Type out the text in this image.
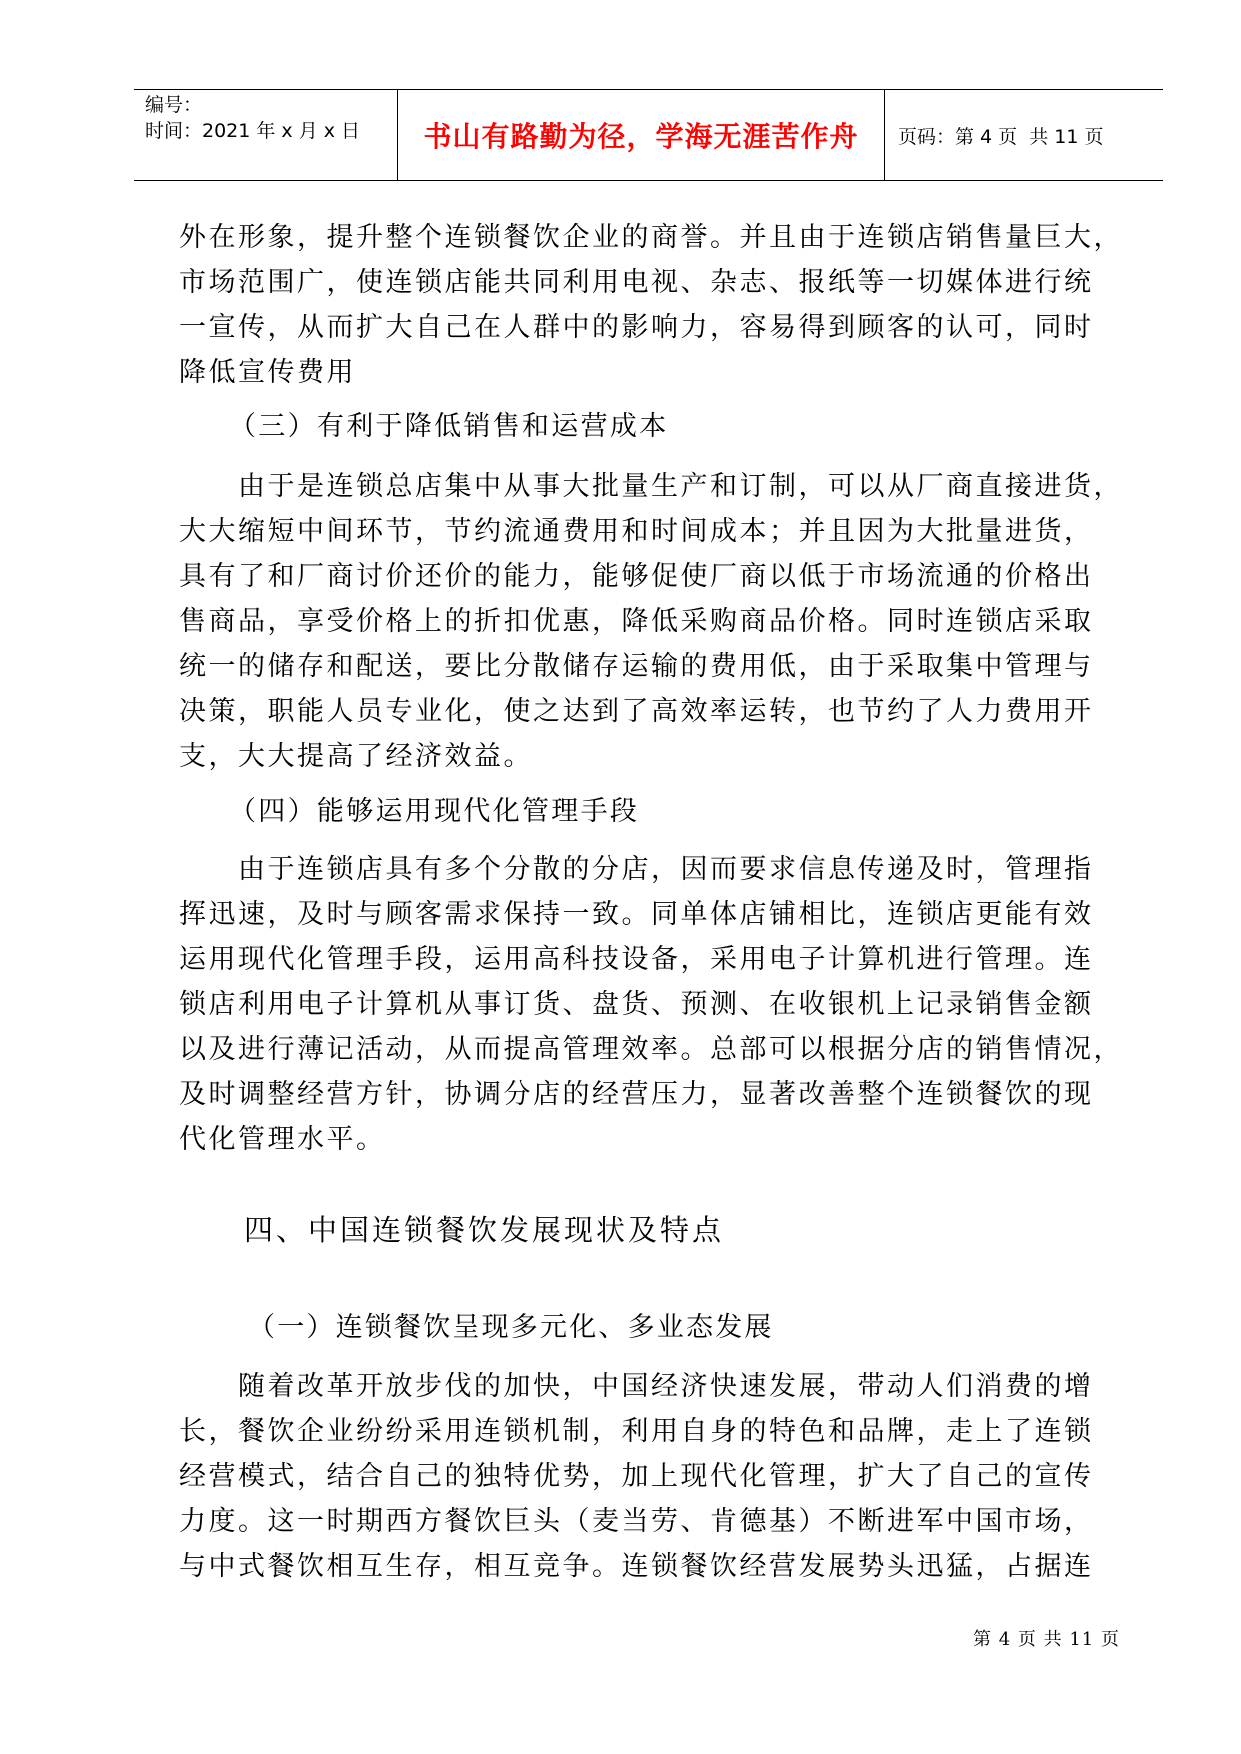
编号：
时间：2021 年 x 月 x 日 书山有路勤为径，学海无涯苦作舟 页码：第 4 页  共 11 页
外在形象，提升整个连锁餐饮企业的商誉。并且由于连锁店销售量巨大，
市场范围广，使连锁店能共同利用电视、杂志、报纸等一切媒体进行统
一宣传，从而扩大自己在人群中的影响力，容易得到顾客的认可，同时
降低宣传费用
（三）有利于降低销售和运营成本
由于是连锁总店集中从事大批量生产和订制，可以从厂商直接进货，
大大缩短中间环节，节约流通费用和时间成本；并且因为大批量进货，
具有了和厂商讨价还价的能力，能够促使厂商以低于市场流通的价格出
售商品，享受价格上的折扣优惠，降低采购商品价格。同时连锁店采取
统一的储存和配送，要比分散储存运输的费用低，由于采取集中管理与
决策，职能人员专业化，使之达到了高效率运转，也节约了人力费用开
支，大大提高了经济效益。
（四）能够运用现代化管理手段
由于连锁店具有多个分散的分店，因而要求信息传递及时，管理指
挥迅速，及时与顾客需求保持一致。同单体店铺相比，连锁店更能有效
运用现代化管理手段，运用高科技设备，采用电子计算机进行管理。连
锁店利用电子计算机从事订货、盘货、预测、在收银机上记录销售金额
以及进行薄记活动，从而提高管理效率。总部可以根据分店的销售情况，
及时调整经营方针，协调分店的经营压力，显著改善整个连锁餐饮的现
代化管理水平。
四、中国连锁餐饮发展现状及特点
（一）连锁餐饮呈现多元化、多业态发展
随着改革开放步伐的加快，中国经济快速发展，带动人们消费的增
长，餐饮企业纷纷采用连锁机制，利用自身的特色和品牌，走上了连锁
经营模式，结合自己的独特优势，加上现代化管理，扩大了自己的宣传
力度。这一时期西方餐饮巨头（麦当劳、肯德基）不断进军中国市场，
与中式餐饮相互生存，相互竞争。连锁餐饮经营发展势头迅猛，占据连
第 4 页 共 11 页
